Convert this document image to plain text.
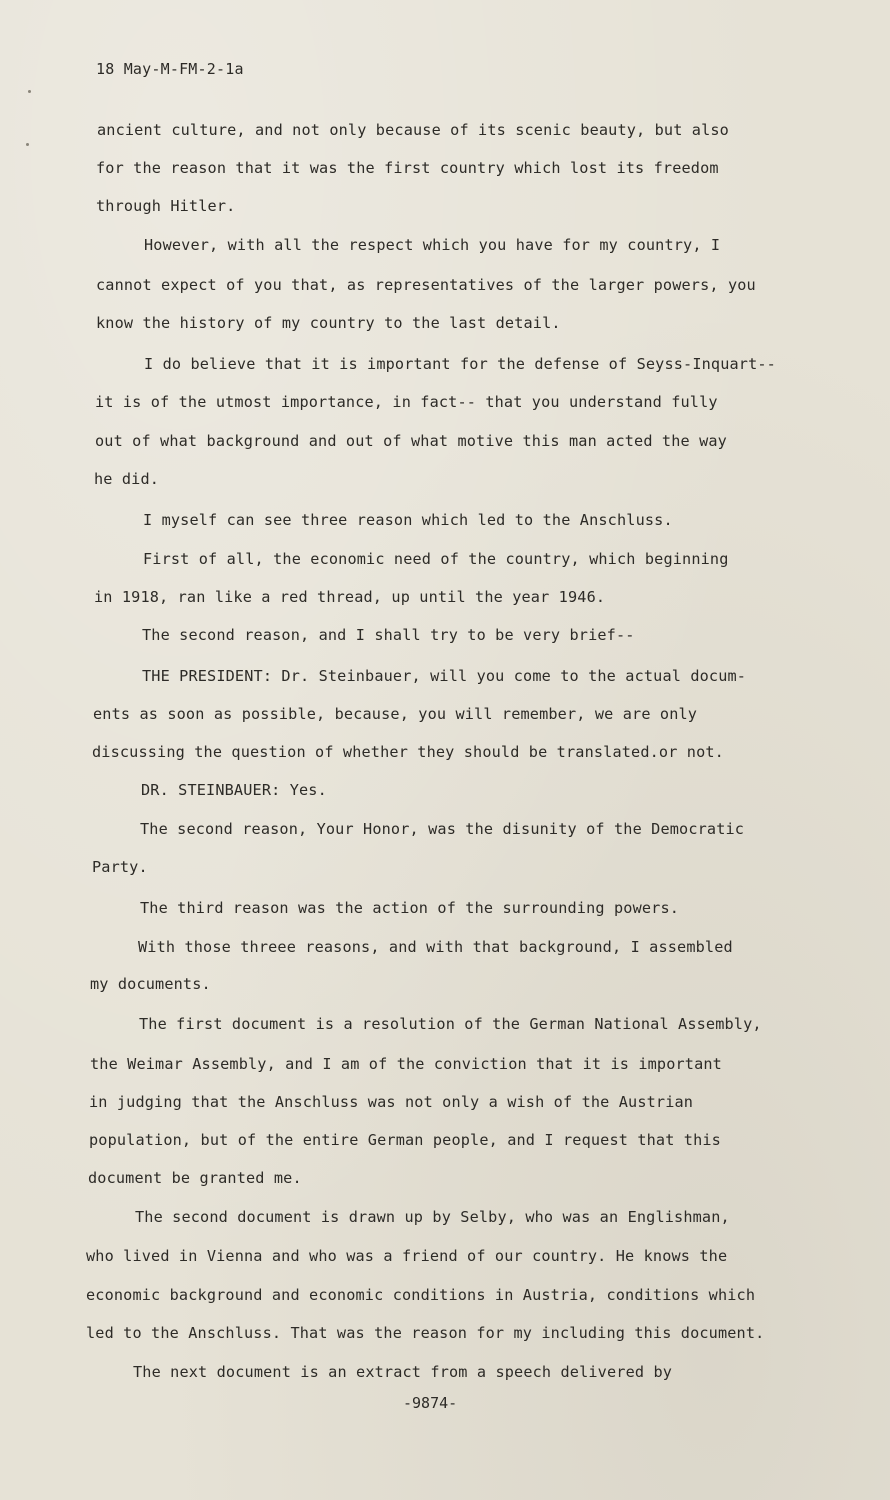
18 May-M-FM-2-1a
ancient culture, and not only because of its scenic beauty, but also
for the reason that it was the first country which lost its freedom
through Hitler.
However, with all the respect which you have for my country, I
cannot expect of you that, as representatives of the larger powers, you
know the history of my country to the last detail.
I do believe that it is important for the defense of Seyss-Inquart--
it is of the utmost importance, in fact-- that you understand fully
out of what background and out of what motive this man acted the way
he did.
I myself can see three reason which led to the Anschluss.
First of all, the economic need of the country, which beginning
in 1918, ran like a red thread, up until the year 1946.
The second reason, and I shall try to be very brief--
THE PRESIDENT: Dr. Steinbauer, will you come to the actual docum-
ents as soon as possible, because, you will remember, we are only
discussing the question of whether they should be translated.or not.
DR. STEINBAUER: Yes.
The second reason, Your Honor, was the disunity of the Democratic
Party.
The third reason was the action of the surrounding powers.
With those threee reasons, and with that background, I assembled
my documents.
The first document is a resolution of the German National Assembly,
the Weimar Assembly, and I am of the conviction that it is important
in judging that the Anschluss was not only a wish of the Austrian
population, but of the entire German people, and I request that this
document be granted me.
The second document is drawn up by Selby, who was an Englishman,
who lived in Vienna and who was a friend of our country. He knows the
economic background and economic conditions in Austria, conditions which
led to the Anschluss. That was the reason for my including this document.
The next document is an extract from a speech delivered by
-9874-
